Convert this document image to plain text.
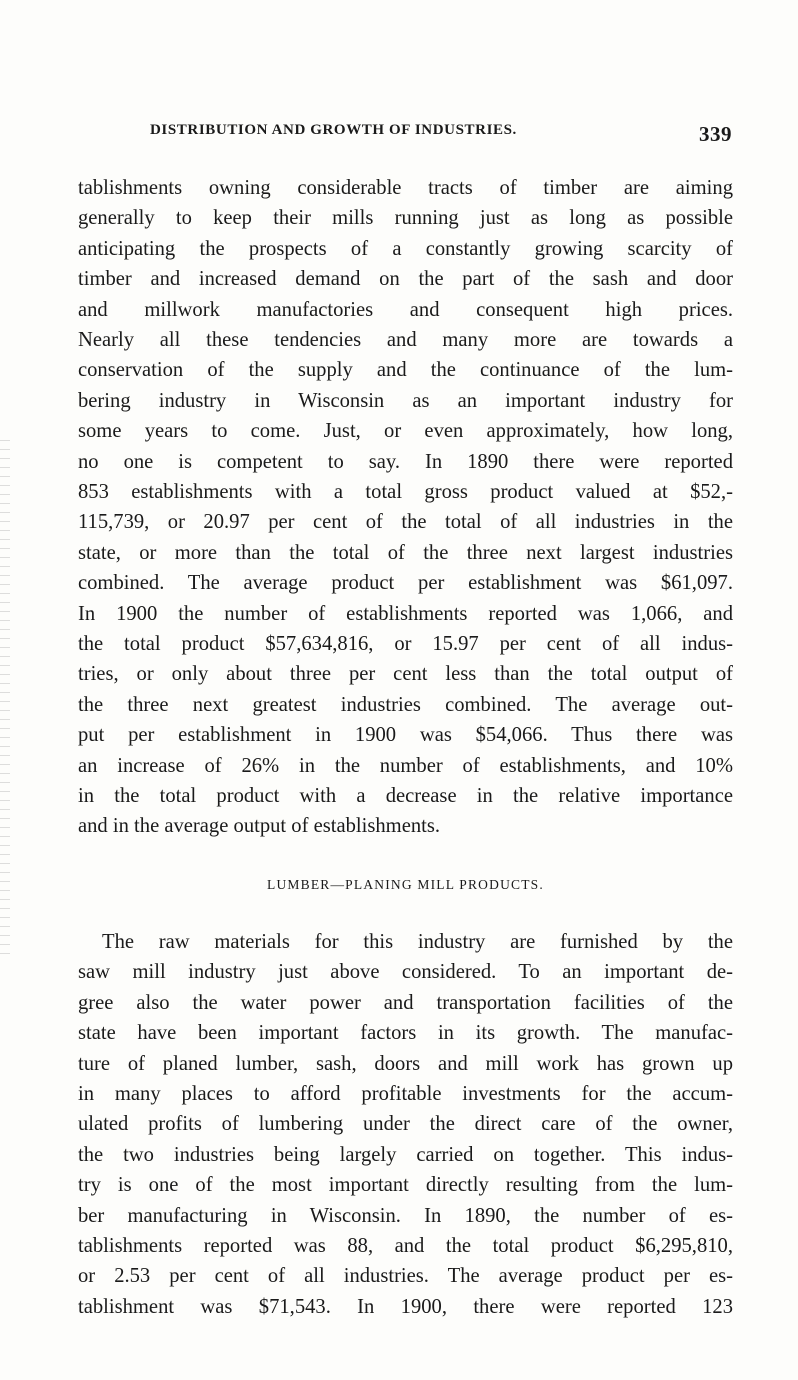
DISTRIBUTION AND GROWTH OF INDUSTRIES.	339
tablishments owning considerable tracts of timber are aiming
generally to keep their mills running just as long as possible
anticipating the prospects of a constantly growing scarcity of
timber and increased demand on the part of the sash and door
and millwork manufactories and consequent high prices.
Nearly all these tendencies and many more are towards a
conservation of the supply and the continuance of the lum-
bering industry in Wisconsin as an important industry for
some years to come. Just, or even approximately, how long,
no one is competent to say. In 1890 there were reported
853 establishments with a total gross product valued at $52,-
115,739, or 20.97 per cent of the total of all industries in the
state, or more than the total of the three next largest industries
combined. The average product per establishment was $61,097.
In 1900 the number of establishments reported was 1,066, and
the total product $57,634,816, or 15.97 per cent of all indus-
tries, or only about three per cent less than the total output of
the three next greatest industries combined. The average out-
put per establishment in 1900 was $54,066. Thus there was
an increase of 26% in the number of establishments, and 10%
in the total product with a decrease in the relative importance
and in the average output of establishments.
LUMBER—PLANING MILL PRODUCTS.
The raw materials for this industry are furnished by the
saw mill industry just above considered. To an important de-
gree also the water power and transportation facilities of the
state have been important factors in its growth. The manufac-
ture of planed lumber, sash, doors and mill work has grown up
in many places to afford profitable investments for the accum-
ulated profits of lumbering under the direct care of the owner,
the two industries being largely carried on together. This indus-
try is one of the most important directly resulting from the lum-
ber manufacturing in Wisconsin. In 1890, the number of es-
tablishments reported was 88, and the total product $6,295,810,
or 2.53 per cent of all industries. The average product per es-
tablishment was $71,543. In 1900, there were reported 123
